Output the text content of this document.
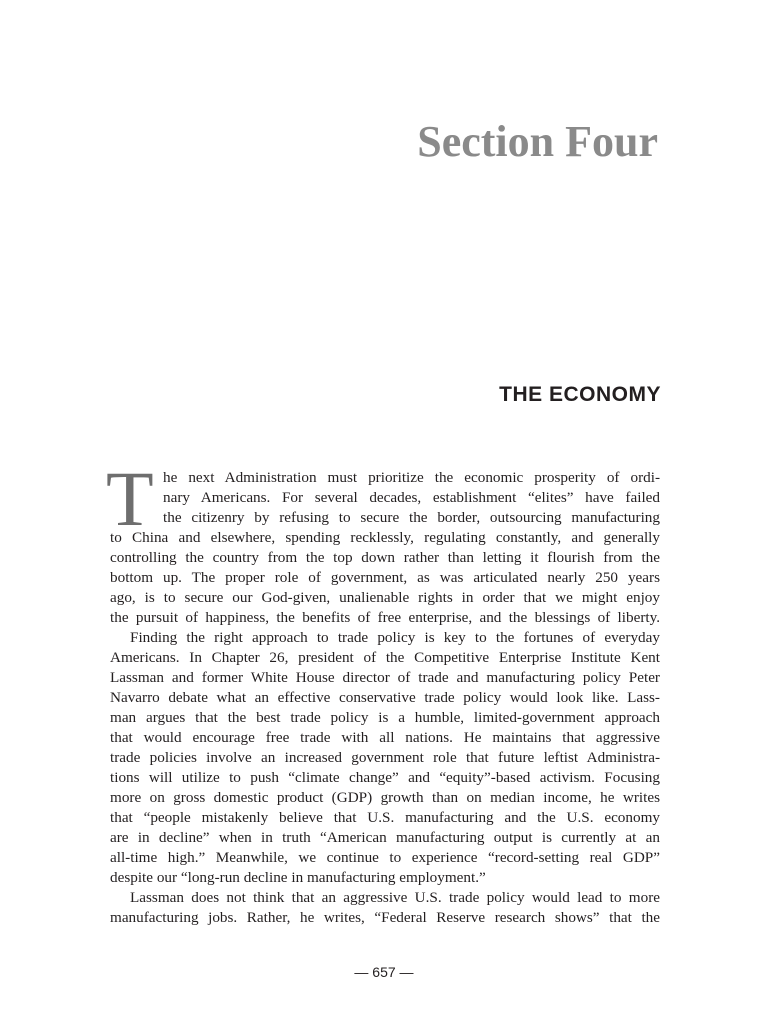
Section Four
THE ECONOMY
T he next Administration must prioritize the economic prosperity of ordi-
nary Americans. For several decades, establishment “elites” have failed
the citizenry by refusing to secure the border, outsourcing manufacturing
to China and elsewhere, spending recklessly, regulating constantly, and generally
controlling the country from the top down rather than letting it flourish from the
bottom up. The proper role of government, as was articulated nearly 250 years
ago, is to secure our God-given, unalienable rights in order that we might enjoy
the pursuit of happiness, the benefits of free enterprise, and the blessings of liberty.
Finding the right approach to trade policy is key to the fortunes of everyday
Americans. In Chapter 26, president of the Competitive Enterprise Institute Kent
Lassman and former White House director of trade and manufacturing policy Peter
Navarro debate what an effective conservative trade policy would look like. Lass-
man argues that the best trade policy is a humble, limited-government approach
that would encourage free trade with all nations. He maintains that aggressive
trade policies involve an increased government role that future leftist Administra-
tions will utilize to push “climate change” and “equity”-based activism. Focusing
more on gross domestic product (GDP) growth than on median income, he writes
that “people mistakenly believe that U.S. manufacturing and the U.S. economy
are in decline” when in truth “American manufacturing output is currently at an
all-time high.” Meanwhile, we continue to experience “record-setting real GDP”
despite our “long-run decline in manufacturing employment.”
Lassman does not think that an aggressive U.S. trade policy would lead to more
manufacturing jobs. Rather, he writes, “Federal Reserve research shows” that the
— 657 —
